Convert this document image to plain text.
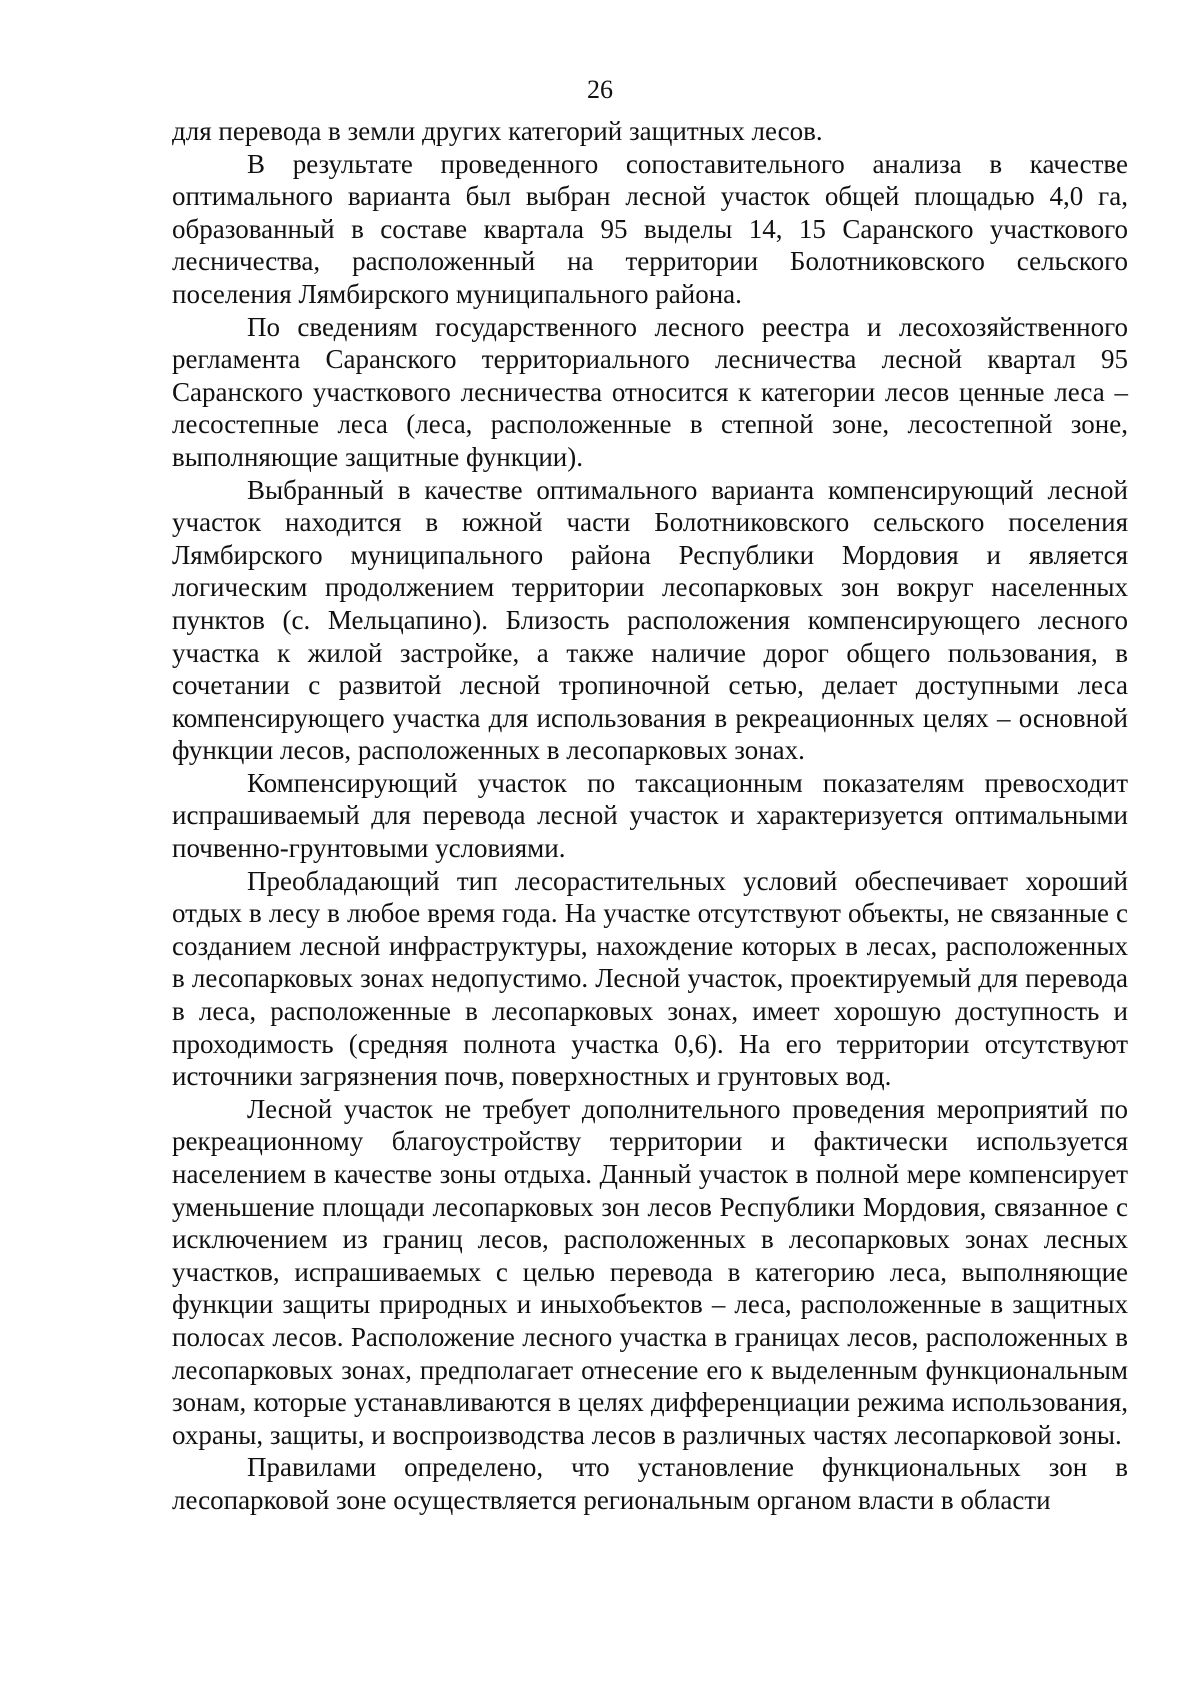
26

для перевода в земли других категорий защитных лесов.

В результате проведенного сопоставительного анализа в качестве оптимального варианта был выбран лесной участок общей площадью 4,0 га, образованный в составе квартала 95 выделы 14, 15 Саранского участкового лесничества, расположенный на территории Болотниковского сельского поселения Лямбирского муниципального района.

По сведениям государственного лесного реестра и лесохозяйственного регламента Саранского территориального лесничества лесной квартал 95 Саранского участкового лесничества относится к категории лесов ценные леса – лесостепные леса (леса, расположенные в степной зоне, лесостепной зоне, выполняющие защитные функции).

Выбранный в качестве оптимального варианта компенсирующий лесной участок находится в южной части Болотниковского сельского поселения Лямбирского муниципального района Республики Мордовия и является логическим продолжением территории лесопарковых зон вокруг населенных пунктов (с. Мельцапино). Близость расположения компенсирующего лесного участка к жилой застройке, а также наличие дорог общего пользования, в сочетании с развитой лесной тропиночной сетью, делает доступными леса компенсирующего участка для использования в рекреационных целях – основной функции лесов, расположенных в лесопарковых зонах.

Компенсирующий участок по таксационным показателям превосходит испрашиваемый для перевода лесной участок и характеризуется оптимальными почвенно-грунтовыми условиями.

Преобладающий тип лесорастительных условий обеспечивает хороший отдых в лесу в любое время года. На участке отсутствуют объекты, не связанные с созданием лесной инфраструктуры, нахождение которых в лесах, расположенных в лесопарковых зонах недопустимо. Лесной участок, проектируемый для перевода в леса, расположенные в лесопарковых зонах, имеет хорошую доступность и проходимость (средняя полнота участка 0,6). На его территории отсутствуют источники загрязнения почв, поверхностных и грунтовых вод.

Лесной участок не требует дополнительного проведения мероприятий по рекреационному благоустройству территории и фактически используется населением в качестве зоны отдыха. Данный участок в полной мере компенсирует уменьшение площади лесопарковых зон лесов Республики Мордовия, связанное с исключением из границ лесов, расположенных в лесопарковых зонах лесных участков, испрашиваемых с целью перевода в категорию леса, выполняющие функции защиты природных и иныхобъектов – леса, расположенные в защитных полосах лесов. Расположение лесного участка в границах лесов, расположенных в лесопарковых зонах, предполагает отнесение его к выделенным функциональным зонам, которые устанавливаются в целях дифференциации режима использования, охраны, защиты, и воспроизводства лесов в различных частях лесопарковой зоны.

Правилами определено, что установление функциональных зон в лесопарковой зоне осуществляется региональным органом власти в области
